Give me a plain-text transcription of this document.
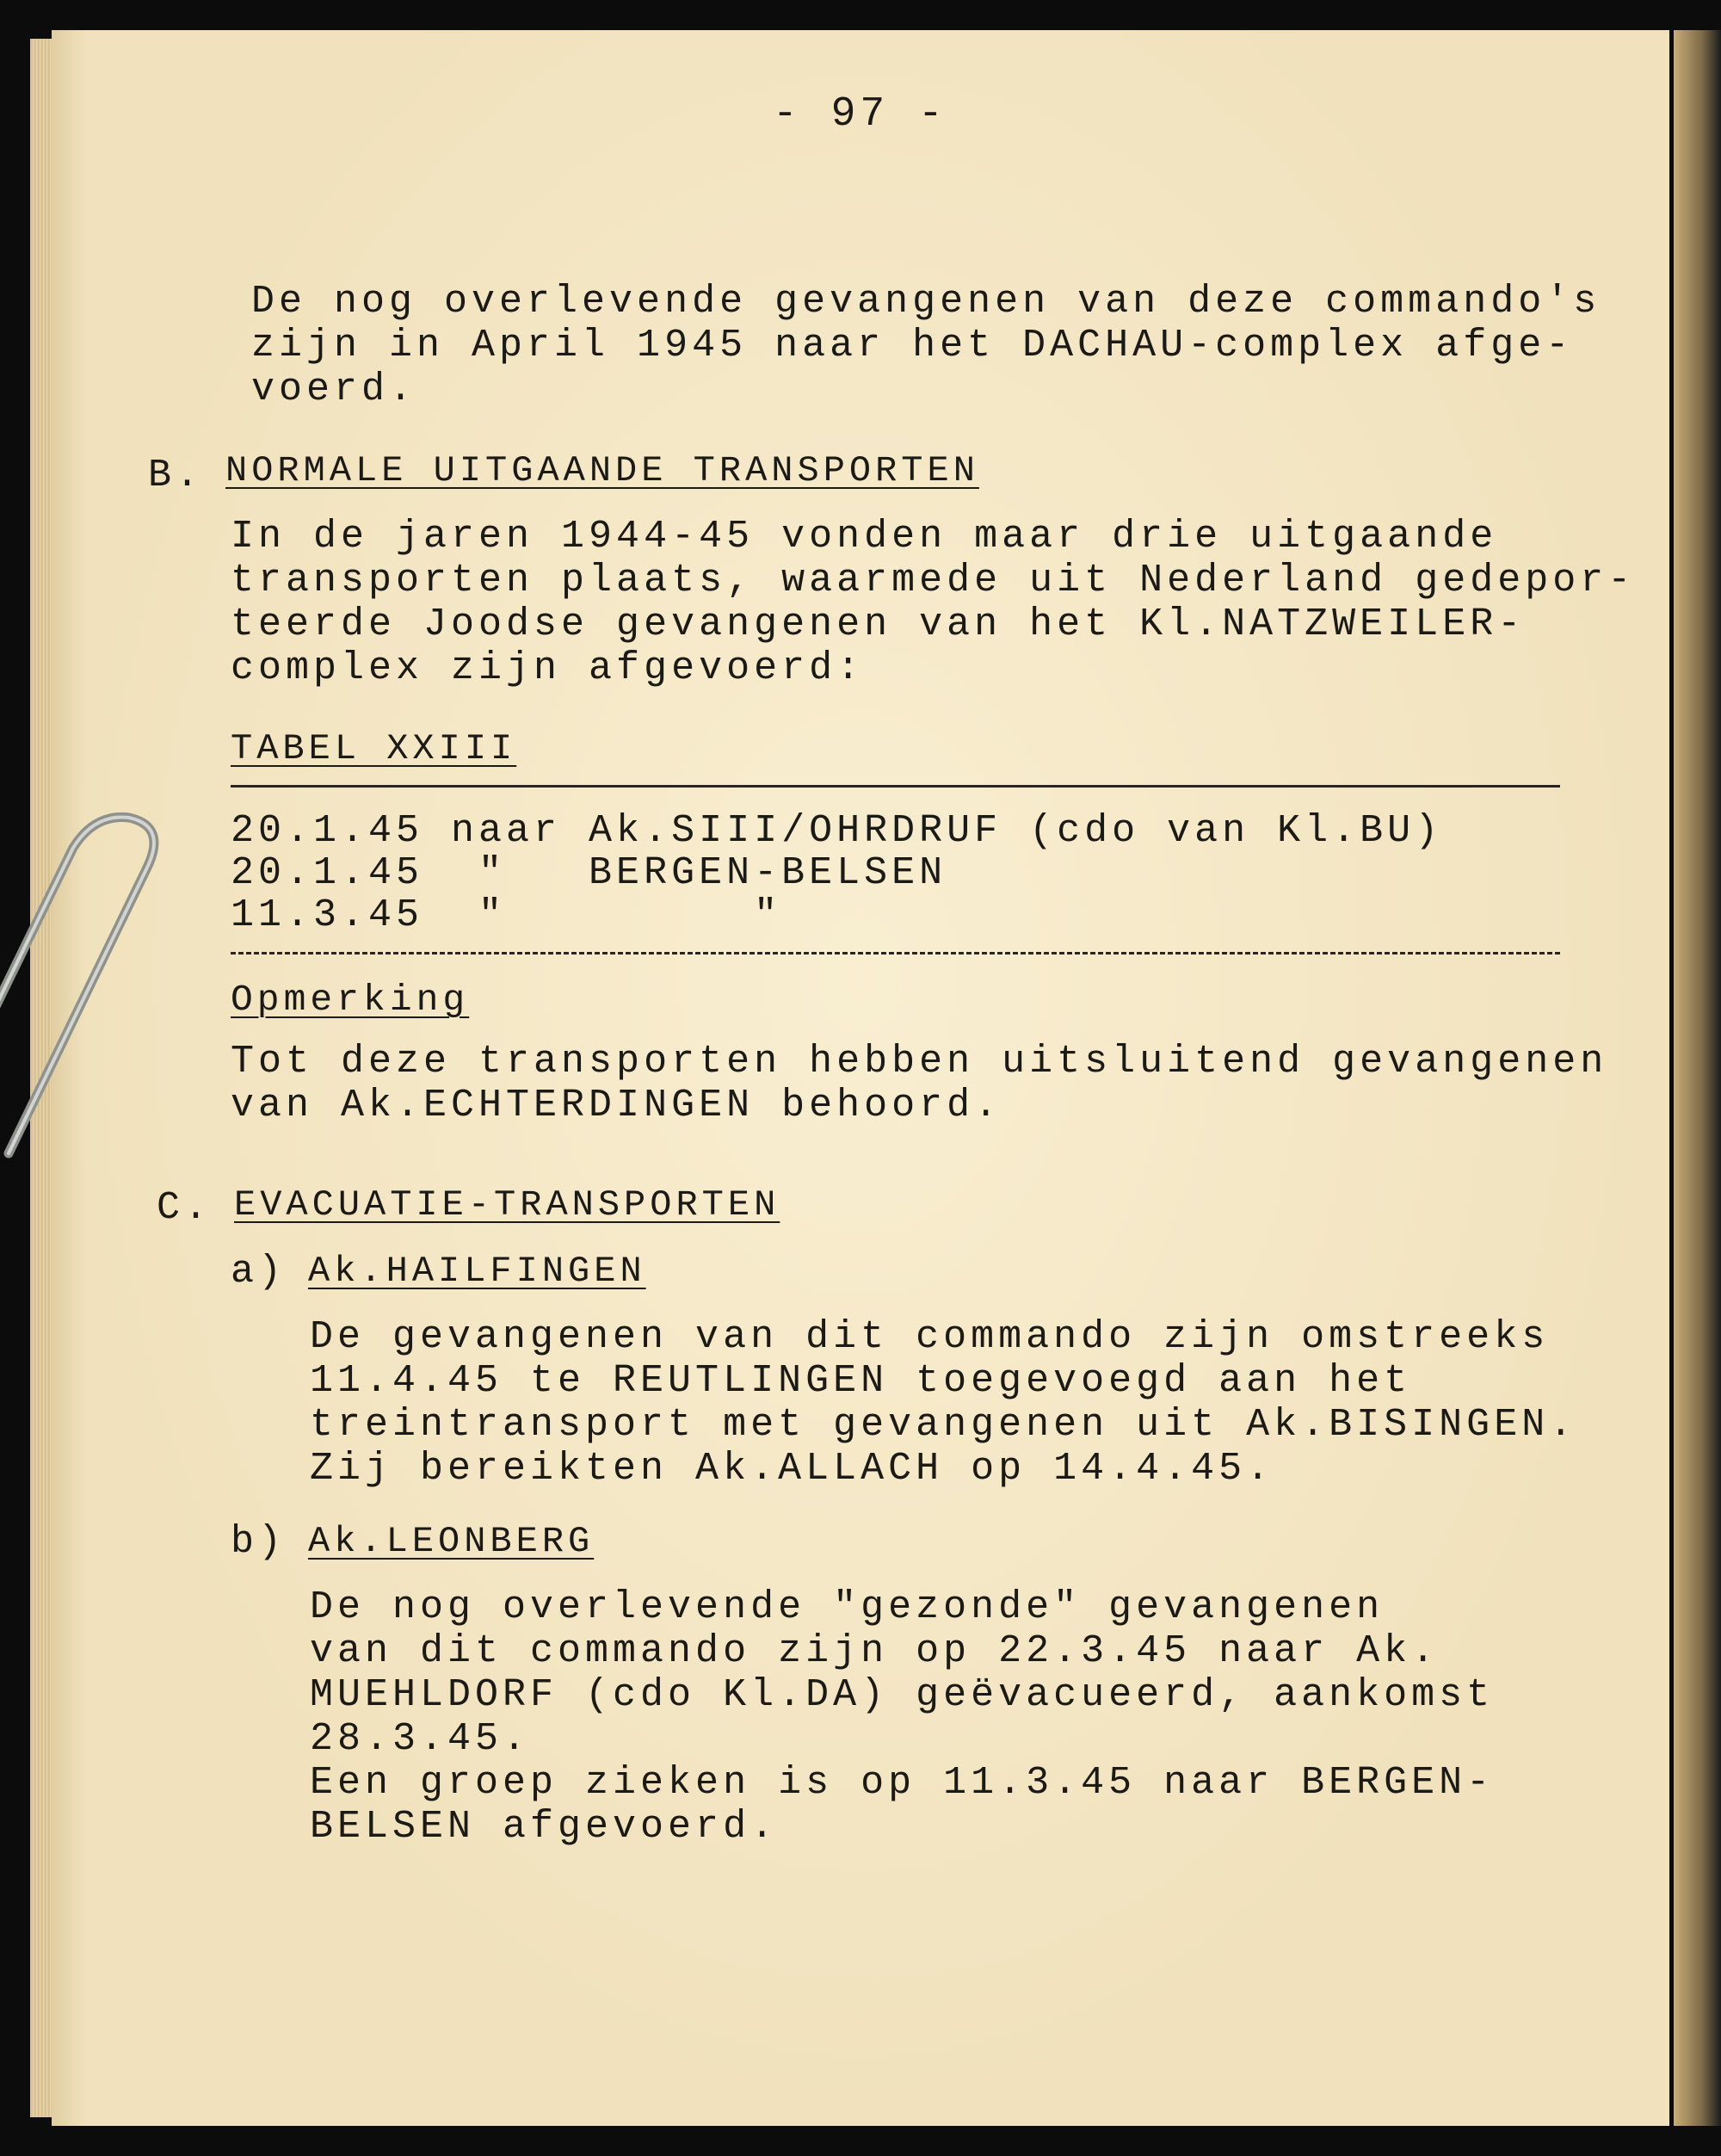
- 97 -
De nog overlevende gevangenen van deze commando's
zijn in April 1945 naar het DACHAU-complex afge-
voerd.
B. NORMALE UITGAANDE TRANSPORTEN
In de jaren 1944-45 vonden maar drie uitgaande
transporten plaats, waarmede uit Nederland gedepor-
teerde Joodse gevangenen van het Kl.NATZWEILER-
complex zijn afgevoerd:
TABEL XXIII
20.1.45 naar Ak.SIII/OHRDRUF (cdo van Kl.BU)
20.1.45  "   BERGEN-BELSEN
11.3.45  "         "
Opmerking
Tot deze transporten hebben uitsluitend gevangenen
van Ak.ECHTERDINGEN behoord.
C. EVACUATIE-TRANSPORTEN
a) Ak.HAILFINGEN
De gevangenen van dit commando zijn omstreeks
11.4.45 te REUTLINGEN toegevoegd aan het
treintransport met gevangenen uit Ak.BISINGEN.
Zij bereikten Ak.ALLACH op 14.4.45.
b) Ak.LEONBERG
De nog overlevende "gezonde" gevangenen
van dit commando zijn op 22.3.45 naar Ak.
MUEHLDORF (cdo Kl.DA) geëvacueerd, aankomst
28.3.45.
Een groep zieken is op 11.3.45 naar BERGEN-
BELSEN afgevoerd.
